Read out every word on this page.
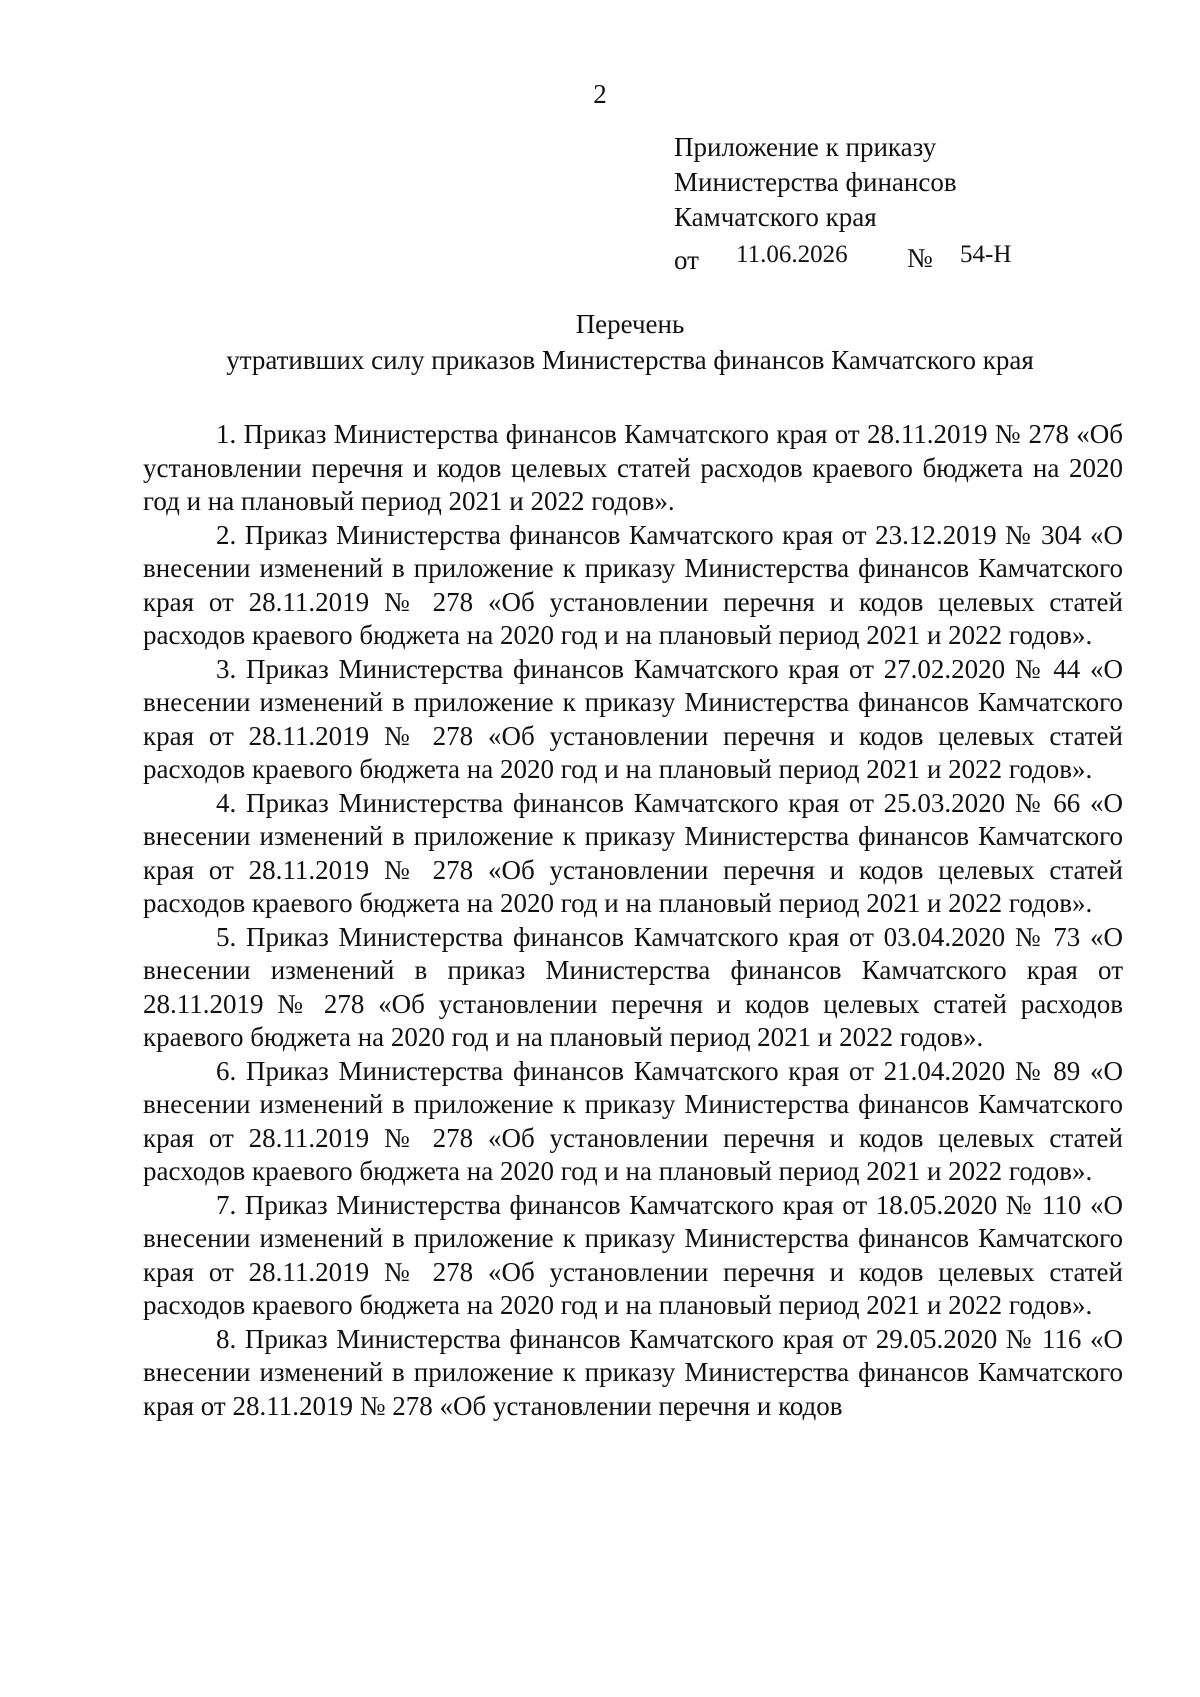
2
Приложение к приказу
Министерства финансов
Камчатского края
от 11.06.2026 № 54-Н
Перечень
утративших силу приказов Министерства финансов Камчатского края

1. Приказ Министерства финансов Камчатского края от 28.11.2019 № 278 «Об установлении перечня и кодов целевых статей расходов краевого бюджета на 2020 год и на плановый период 2021 и 2022 годов».

2. Приказ Министерства финансов Камчатского края от 23.12.2019 № 304 «О внесении изменений в приложение к приказу Министерства финансов Камчатского края от 28.11.2019 № 278 «Об установлении перечня и кодов целевых статей расходов краевого бюджета на 2020 год и на плановый период 2021 и 2022 годов».

3. Приказ Министерства финансов Камчатского края от 27.02.2020 № 44 «О внесении изменений в приложение к приказу Министерства финансов Камчатского края от 28.11.2019 № 278 «Об установлении перечня и кодов целевых статей расходов краевого бюджета на 2020 год и на плановый период 2021 и 2022 годов».

4. Приказ Министерства финансов Камчатского края от 25.03.2020 № 66 «О внесении изменений в приложение к приказу Министерства финансов Камчатского края от 28.11.2019 № 278 «Об установлении перечня и кодов целевых статей расходов краевого бюджета на 2020 год и на плановый период 2021 и 2022 годов».

5. Приказ Министерства финансов Камчатского края от 03.04.2020 № 73 «О внесении изменений в приказ Министерства финансов Камчатского края от 28.11.2019 № 278 «Об установлении перечня и кодов целевых статей расходов краевого бюджета на 2020 год и на плановый период 2021 и 2022 годов».

6. Приказ Министерства финансов Камчатского края от 21.04.2020 № 89 «О внесении изменений в приложение к приказу Министерства финансов Камчатского края от 28.11.2019 № 278 «Об установлении перечня и кодов целевых статей расходов краевого бюджета на 2020 год и на плановый период 2021 и 2022 годов».

7. Приказ Министерства финансов Камчатского края от 18.05.2020 № 110 «О внесении изменений в приложение к приказу Министерства финансов Камчатского края от 28.11.2019 № 278 «Об установлении перечня и кодов целевых статей расходов краевого бюджета на 2020 год и на плановый период 2021 и 2022 годов».

8. Приказ Министерства финансов Камчатского края от 29.05.2020 № 116 «О внесении изменений в приложение к приказу Министерства финансов Камчатского края от 28.11.2019 № 278 «Об установлении перечня и кодов
